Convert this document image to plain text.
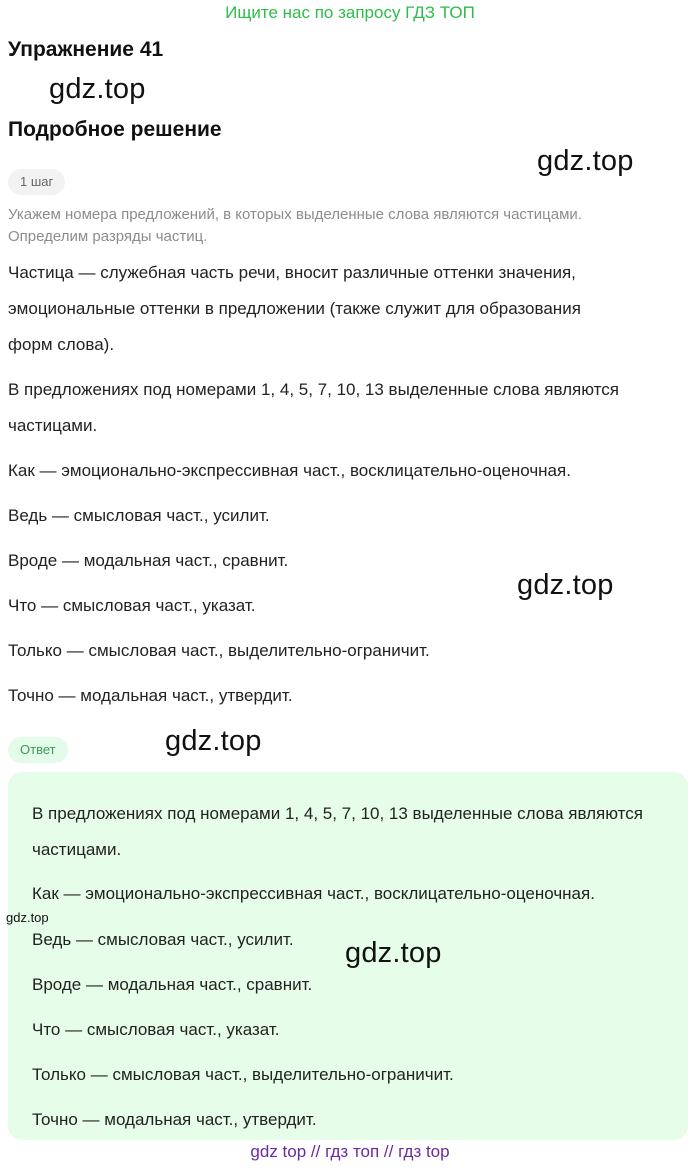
Ищите нас по запросу ГДЗ ТОП
Упражнение 41
gdz.top
Подробное решение
gdz.top
1 шаг
Укажем номера предложений, в которых выделенные слова являются частицами.
Определим разряды частиц.
Частица — служебная часть речи, вносит различные оттенки значения,
эмоциональные оттенки в предложении (также служит для образования
форм слова).
В предложениях под номерами 1, 4, 5, 7, 10, 13 выделенные слова являются
частицами.
Как — эмоционально-экспрессивная част., восклицательно-оценочная.
Ведь — смысловая част., усилит.
Вроде — модальная част., сравнит.
Что — смысловая част., указат.
Только — смысловая част., выделительно-ограничит.
Точно — модальная част., утвердит.
gdz.top
Ответ	gdz.top
В предложениях под номерами 1, 4, 5, 7, 10, 13 выделенные слова являются
частицами.
Как — эмоционально-экспрессивная част., восклицательно-оценочная.
Ведь — смысловая част., усилит.
Вроде — модальная част., сравнит.
Что — смысловая част., указат.
Только — смысловая част., выделительно-ограничит.
Точно — модальная част., утвердит.
gdz.top
gdz.top
gdz top // гдз топ // гдз top
